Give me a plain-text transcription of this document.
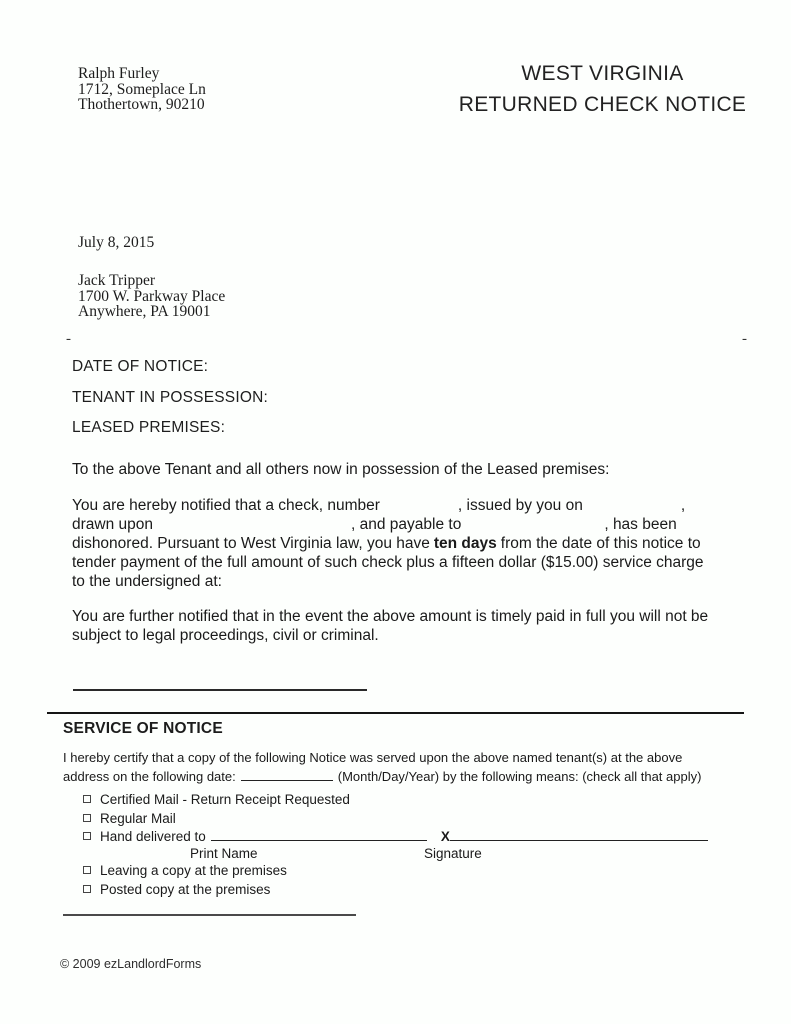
Ralph Furley
1712, Someplace Ln
Thothertown, 90210
WEST VIRGINIA
RETURNED CHECK NOTICE
July 8, 2015
Jack Tripper
1700 W. Parkway Place
Anywhere, PA 19001
-	-
DATE OF NOTICE:
TENANT IN POSSESSION:
LEASED PREMISES:
To the above Tenant and all others now in possession of the Leased premises:
You are hereby notified that a check, number	, issued by you on	,
drawn upon	, and payable to	, has been
dishonored. Pursuant to West Virginia law, you have ten days from the date of this notice to
tender payment of the full amount of such check plus a fifteen dollar ($15.00) service charge
to the undersigned at:
You are further notified that in the event the above amount is timely paid in full you will not be
subject to legal proceedings, civil or criminal.
SERVICE OF NOTICE
I hereby certify that a copy of the following Notice was served upon the above named tenant(s) at the above
address on the following date:	(Month/Day/Year) by the following means: (check all that apply)
Certified Mail - Return Receipt Requested
Regular Mail
Hand delivered to	X
Print Name	Signature
Leaving a copy at the premises
Posted copy at the premises
© 2009 ezLandlordForms
